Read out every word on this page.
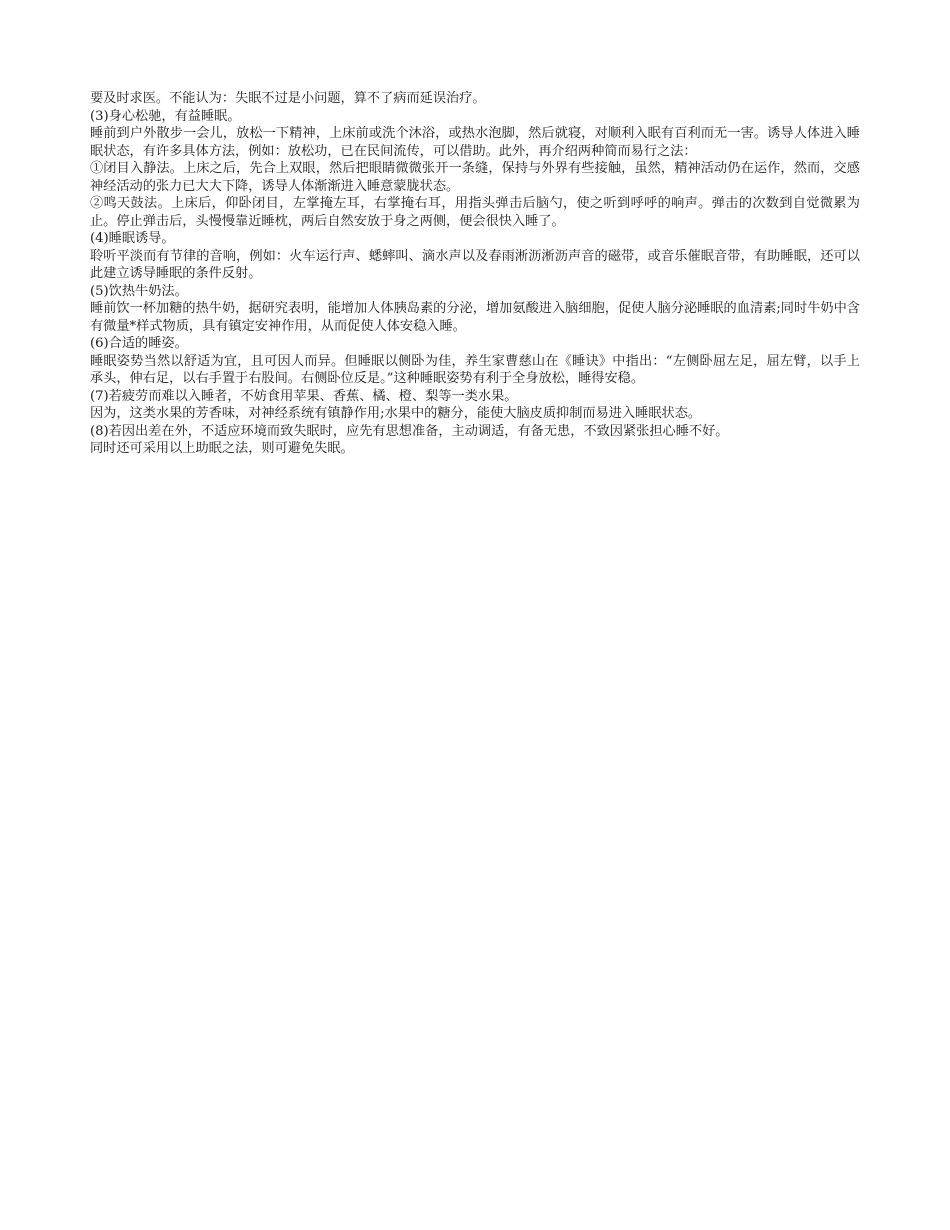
要及时求医。不能认为：失眠不过是小问题，算不了病而延误治疗。

(3)身心松驰，有益睡眠。

睡前到户外散步一会儿，放松一下精神，上床前或洗个沐浴，或热水泡脚，然后就寝，对顺利入眠有百利而无一害。诱导人体进入睡眠状态，有许多具体方法，例如：放松功，已在民间流传，可以借助。此外，再介绍两种简而易行之法：

①闭目入静法。上床之后，先合上双眼，然后把眼睛微微张开一条缝，保持与外界有些接触，虽然，精神活动仍在运作，然而，交感神经活动的张力已大大下降，诱导人体渐渐进入睡意蒙胧状态。

②鸣天鼓法。上床后，仰卧闭目，左掌掩左耳，右掌掩右耳，用指头弹击后脑勺，使之听到呼呼的响声。弹击的次数到自觉微累为止。停止弹击后，头慢慢靠近睡枕，两后自然安放于身之两侧，便会很快入睡了。

(4)睡眠诱导。

聆听平淡而有节律的音响，例如：火车运行声、蟋蟀叫、滴水声以及春雨淅沥淅沥声音的磁带，或音乐催眠音带，有助睡眠，还可以此建立诱导睡眠的条件反射。

(5)饮热牛奶法。

睡前饮一杯加糖的热牛奶，据研究表明，能增加人体胰岛素的分泌，增加氨酸进入脑细胞，促使人脑分泌睡眠的血清素;同时牛奶中含有微量*样式物质，具有镇定安神作用，从而促使人体安稳入睡。

(6)合适的睡姿。

睡眠姿势当然以舒适为宜，且可因人而异。但睡眠以侧卧为佳，养生家曹慈山在《睡诀》中指出：“左侧卧屈左足，屈左臂，以手上承头，伸右足，以右手置于右股间。右侧卧位反是。”这种睡眠姿势有利于全身放松，睡得安稳。

(7)若疲劳而难以入睡者，不妨食用苹果、香蕉、橘、橙、梨等一类水果。

因为，这类水果的芳香味，对神经系统有镇静作用;水果中的糖分，能使大脑皮质抑制而易进入睡眠状态。

(8)若因出差在外，不适应环境而致失眠时，应先有思想准备，主动调适，有备无患，不致因紧张担心睡不好。

同时还可采用以上助眠之法，则可避免失眠。
